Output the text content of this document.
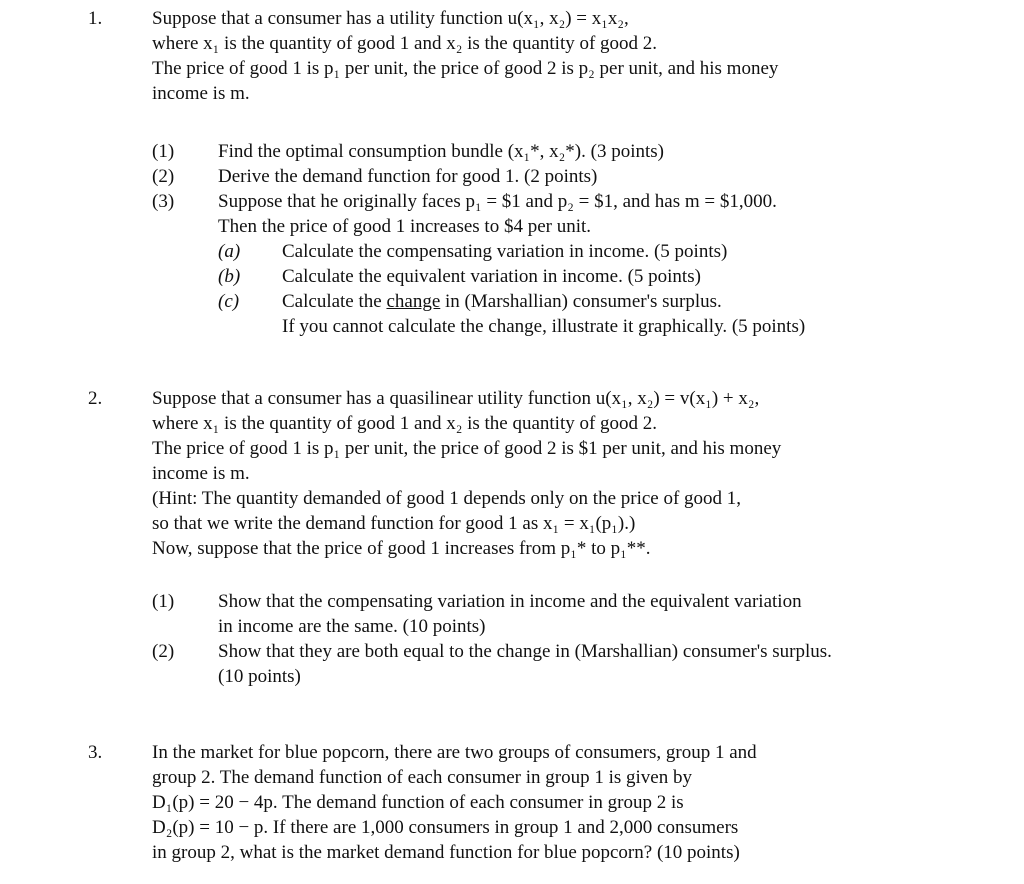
1.	Suppose that a consumer has a utility function u(x₁, x₂) = x₁x₂,
where x₁ is the quantity of good 1 and x₂ is the quantity of good 2.
The price of good 1 is p₁ per unit, the price of good 2 is p₂ per unit, and his money
income is m.
(1) Find the optimal consumption bundle (x₁*, x₂*). (3 points)
(2) Derive the demand function for good 1. (2 points)
(3) Suppose that he originally faces p₁ = $1 and p₂ = $1, and has m = $1,000.
Then the price of good 1 increases to $4 per unit.
(a) Calculate the compensating variation in income. (5 points)
(b) Calculate the equivalent variation in income. (5 points)
(c) Calculate the change in (Marshallian) consumer's surplus.
If you cannot calculate the change, illustrate it graphically. (5 points)
2.	Suppose that a consumer has a quasilinear utility function u(x₁, x₂) = v(x₁) + x₂,
where x₁ is the quantity of good 1 and x₂ is the quantity of good 2.
The price of good 1 is p₁ per unit, the price of good 2 is $1 per unit, and his money
income is m.
(Hint: The quantity demanded of good 1 depends only on the price of good 1,
so that we write the demand function for good 1 as x₁ = x₁(p₁).)
Now, suppose that the price of good 1 increases from p₁* to p₁**.
(1) Show that the compensating variation in income and the equivalent variation
in income are the same. (10 points)
(2) Show that they are both equal to the change in (Marshallian) consumer's surplus.
(10 points)
3.	In the market for blue popcorn, there are two groups of consumers, group 1 and
group 2. The demand function of each consumer in group 1 is given by
D₁(p) = 20 − 4p. The demand function of each consumer in group 2 is
D₂(p) = 10 − p. If there are 1,000 consumers in group 1 and 2,000 consumers
in group 2, what is the market demand function for blue popcorn? (10 points)
